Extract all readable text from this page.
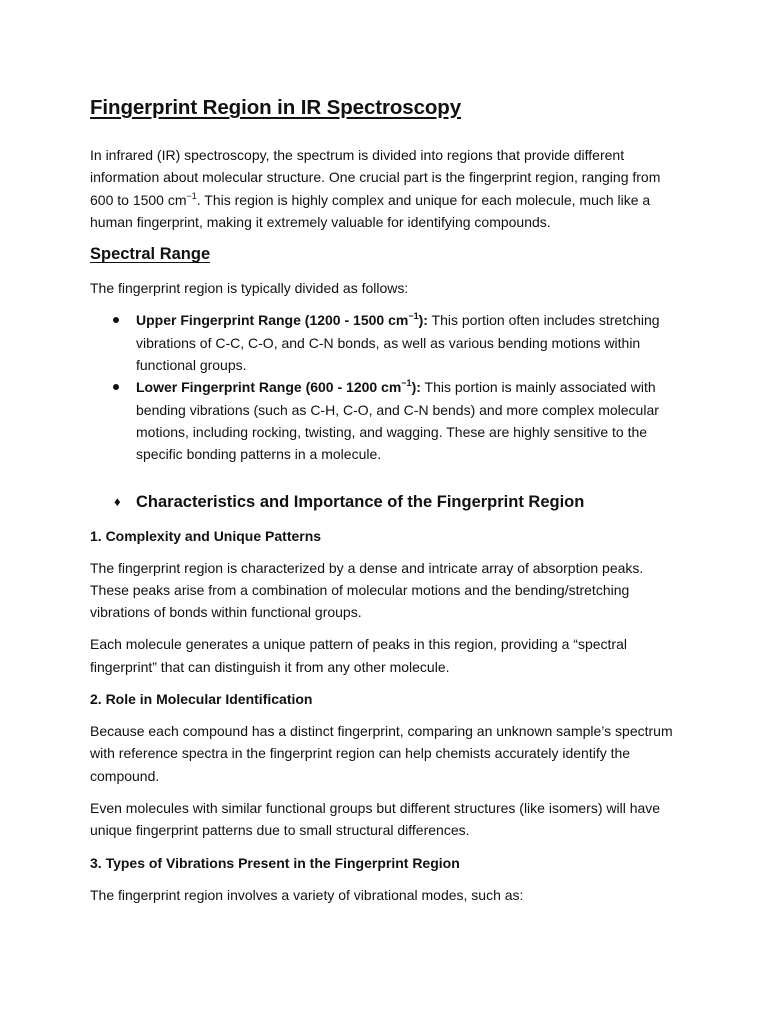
Fingerprint Region in IR Spectroscopy

In infrared (IR) spectroscopy, the spectrum is divided into regions that provide different information about molecular structure. One crucial part is the fingerprint region, ranging from 600 to 1500 $cm^{-1}$. This region is highly complex and unique for each molecule, much like a human fingerprint, making it extremely valuable for identifying compounds.

Spectral Range

The fingerprint region is typically divided as follows:

Upper Fingerprint Range (1200 - 1500 $cm^{-1}$): This portion often includes stretching vibrations of C-C, C-O, and C-N bonds, as well as various bending motions within functional groups.
Lower Fingerprint Range (600 - 1200 $cm^{-1}$): This portion is mainly associated with bending vibrations (such as C-H, C-O, and C-N bends) and more complex molecular motions, including rocking, twisting, and wagging. These are highly sensitive to the specific bonding patterns in a molecule.
♦ Characteristics and Importance of the Fingerprint Region
1. Complexity and Unique Patterns

The fingerprint region is characterized by a dense and intricate array of absorption peaks. These peaks arise from a combination of molecular motions and the bending/stretching vibrations of bonds within functional groups.

Each molecule generates a unique pattern of peaks in this region, providing a “spectral fingerprint” that can distinguish it from any other molecule.

2. Role in Molecular Identification

Because each compound has a distinct fingerprint, comparing an unknown sample’s spectrum with reference spectra in the fingerprint region can help chemists accurately identify the compound.

Even molecules with similar functional groups but different structures (like isomers) will have unique fingerprint patterns due to small structural differences.

3. Types of Vibrations Present in the Fingerprint Region

The fingerprint region involves a variety of vibrational modes, such as:
